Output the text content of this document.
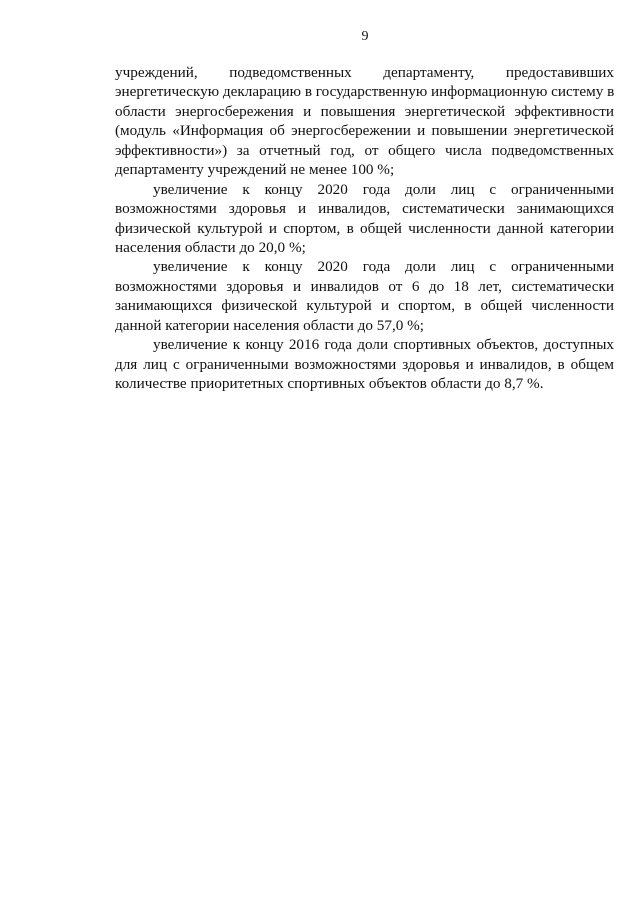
9
учреждений, подведомственных департаменту, предоставивших
энергетическую декларацию в государственную информационную систему в
области энергосбережения и повышения энергетической эффективности
(модуль «Информация об энергосбережении и повышении энергетической
эффективности») за отчетный год, от общего числа подведомственных
департаменту учреждений не менее 100 %;
увеличение к концу 2020 года доли лиц с ограниченными
возможностями здоровья и инвалидов, систематически занимающихся
физической культурой и спортом, в общей численности данной категории
населения области до 20,0 %;
увеличение к концу 2020 года доли лиц с ограниченными
возможностями здоровья и инвалидов от 6 до 18 лет, систематически
занимающихся физической культурой и спортом, в общей численности
данной категории населения области до 57,0 %;
увеличение к концу 2016 года доли спортивных объектов, доступных
для лиц с ограниченными возможностями здоровья и инвалидов, в общем
количестве приоритетных спортивных объектов области до 8,7 %.
